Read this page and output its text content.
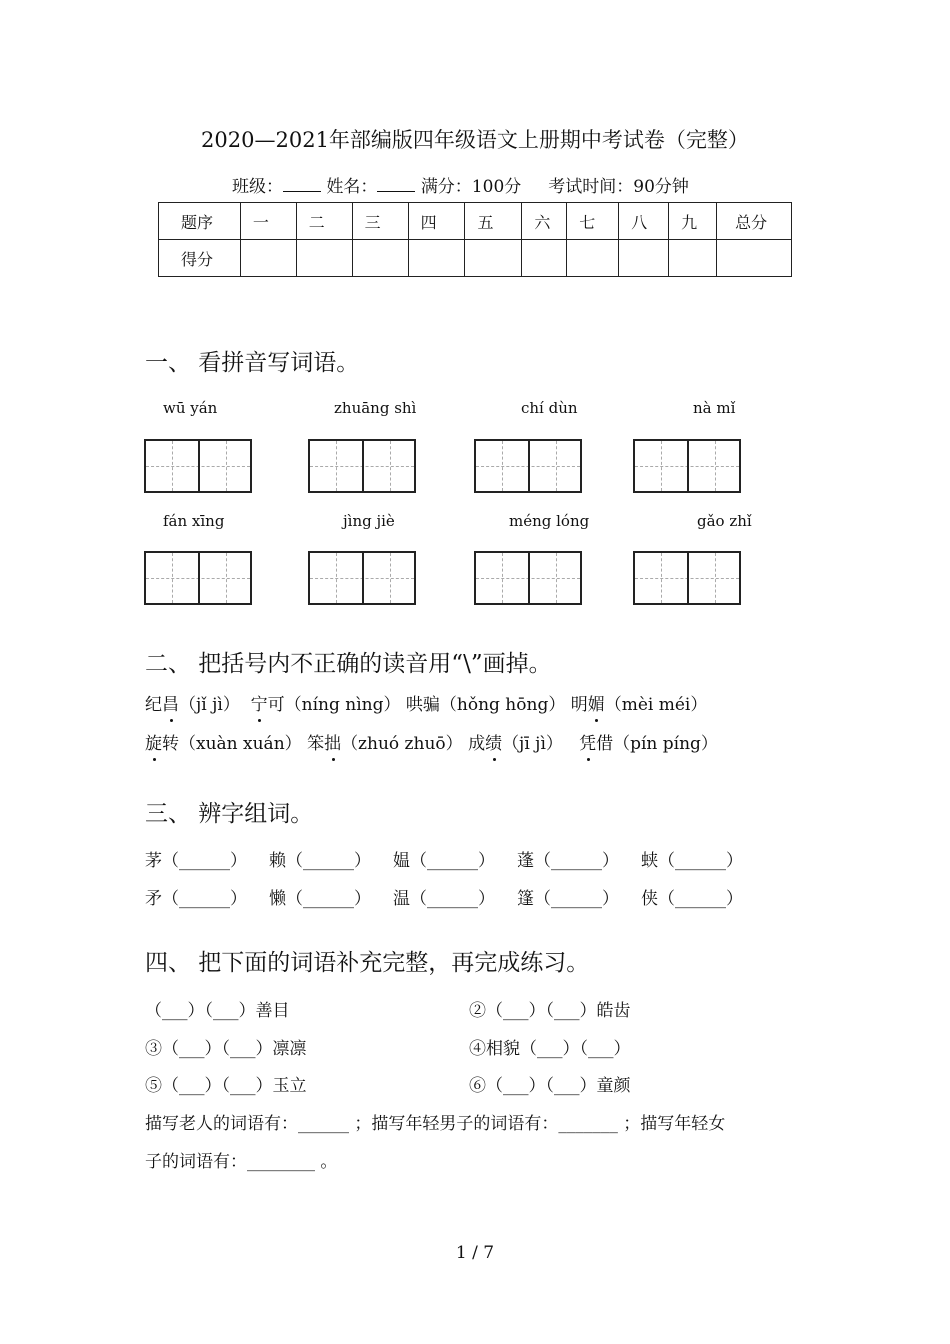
2020—2021年部编版四年级语文上册期中考试卷（完整）
班级：	姓名：	满分：100分 考试时间：90分钟
题序	一	二	三	四	五	六	七	八	九	总分
得分										
一、 看拼音写词语。
wū yán	zhuāng shì	chí dùn	nà mǐ
fán xīng	jìng jiè	méng lóng	gǎo zhǐ
二、 把括号内不正确的读音用“\”画掉。
纪昌（jǐ jì） 宁可（níng nìng） 哄骗（hǒng hōng） 明媚（mèi méi）
旋转（xuàn xuán） 笨拙（zhuó zhuō） 成绩（jī jì） 凭借（pín píng）
三、 辨字组词。
茅（______） 赖（______） 媪（______） 蓬（______） 蛱（______）
矛（______） 懒（______） 温（______） 篷（______） 侠（______）
四、 把下面的词语补充完整，再完成练习。
（___）（___）善目	②（___）（___）皓齿
③（___）（___）凛凛	④相貌（___）（___）
⑤（___）（___）玉立	⑥（___）（___）童颜
描写老人的词语有：______ ；描写年轻男子的词语有：_______ ；描写年轻女
子的词语有：________ 。
1 / 7
